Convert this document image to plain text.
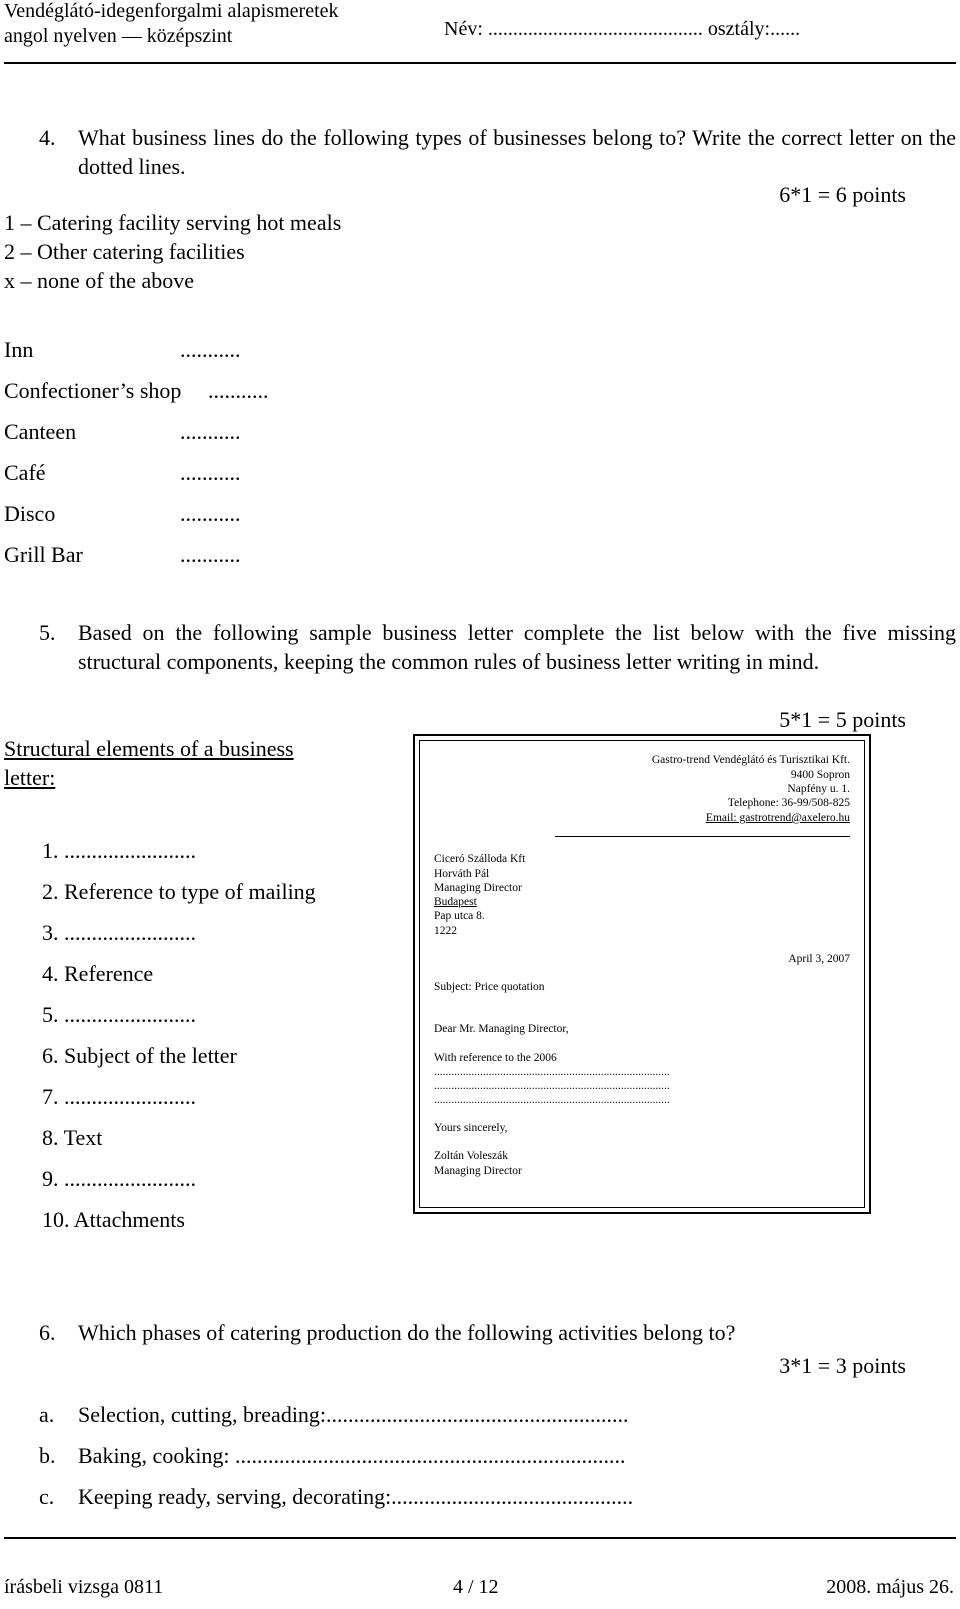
Vendéglátó-idegenforgalmi alapismeretek
angol nyelven — középszint	Név: ........................................... osztály:......
4. What business lines do the following types of businesses belong to? Write the correct letter on the dotted lines.
6*1 = 6 points
1 – Catering facility serving hot meals
2 – Other catering facilities
x – none of the above
Inn	...........
Confectioner’s shop ...........
Canteen	...........
Café	...........
Disco	...........
Grill Bar	...........
5. Based on the following sample business letter complete the list below with the five missing structural components, keeping the common rules of business letter writing in mind.
5*1 = 5 points
Structural elements of a business
letter:
1. ........................
2. Reference to type of mailing
3. ........................
4. Reference
5. ........................
6. Subject of the letter
7. ........................
8. Text
9. ........................
10. Attachments
Gastro-trend Vendéglátó és Turisztikai Kft.
9400 Sopron
Napfény u. 1.
Telephone: 36-99/508-825
Email: gastrotrend@axelero.hu
Ciceró Szálloda Kft
Horváth Pál
Managing Director
Budapest
Pap utca 8.
1222
April 3, 2007
Subject: Price quotation
Dear Mr. Managing Director,
With reference to the 2006
..................................................................................
..................................................................................
..................................................................................
Yours sincerely,
Zoltán Voleszák
Managing Director
6. Which phases of catering production do the following activities belong to?
3*1 = 3 points
a. Selection, cutting, breading:.......................................................
b. Baking, cooking: .......................................................................
c. Keeping ready, serving, decorating:............................................
írásbeli vizsga 0811	4 / 12	2008. május 26.
